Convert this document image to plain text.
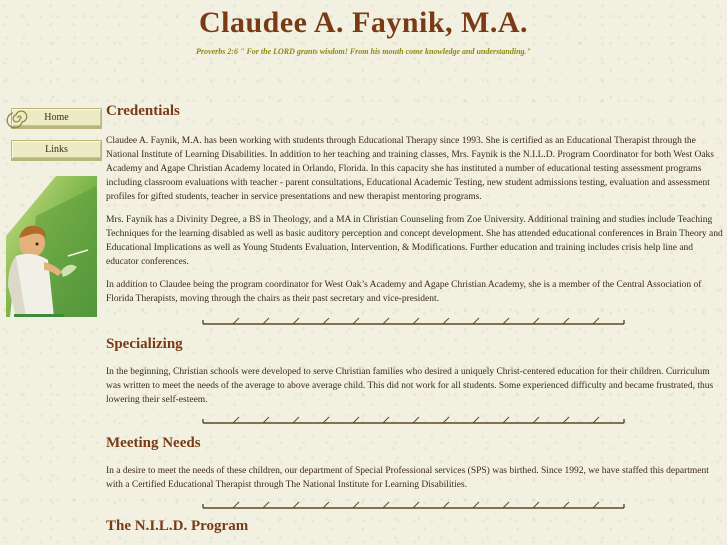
Claudee A. Faynik, M.A.
Proverbs 2:6 " For the LORD grants wisdom! From his mouth come knowledge and understanding."
Home
Links
Credentials

Claudee A. Faynik, M.A. has been working with students through Educational Therapy since 1993. She is certified as an Educational Therapist through the National Institute of Learning Disabilities. In addition to her teaching and training classes, Mrs. Faynik is the N.I.L.D. Program Coordinator for both West Oaks Academy and Agape Christian Academy located in Orlando, Florida. In this capacity she has instituted a number of educational testing assessment programs including classroom evaluations with teacher - parent consultations, Educational Academic Testing, new student admissions testing, evaluation and assessment profiles for gifted students, teacher in service presentations and new therapist mentoring programs.

Mrs. Faynik has a Divinity Degree, a BS in Theology, and a MA in Christian Counseling from Zoe University. Additional training and studies include Teaching Techniques for the learning disabled as well as basic auditory perception and concept development. She has attended educational conferences in Brain Theory and Educational Implications as well as Young Students Evaluation, Intervention, & Modifications. Further education and training includes crisis help line and educator conferences.

In addition to Claudee being the program coordinator for West Oak’s Academy and Agape Christian Academy, she is a member of the Central Association of Florida Therapists, moving through the chairs as their past secretary and vice-president.

Specializing

In the beginning, Christian schools were developed to serve Christian families who desired a uniquely Christ-centered education for their children. Curriculum was written to meet the needs of the average to above average child. This did not work for all students. Some experienced difficulty and became frustrated, thus lowering their self-esteem.

Meeting Needs

In a desire to meet the needs of these children, our department of Special Professional services (SPS) was birthed. Since 1992, we have staffed this department with a Certified Educational Therapist through The National Institute for Learning Disabilities.

The N.I.L.D. Program
